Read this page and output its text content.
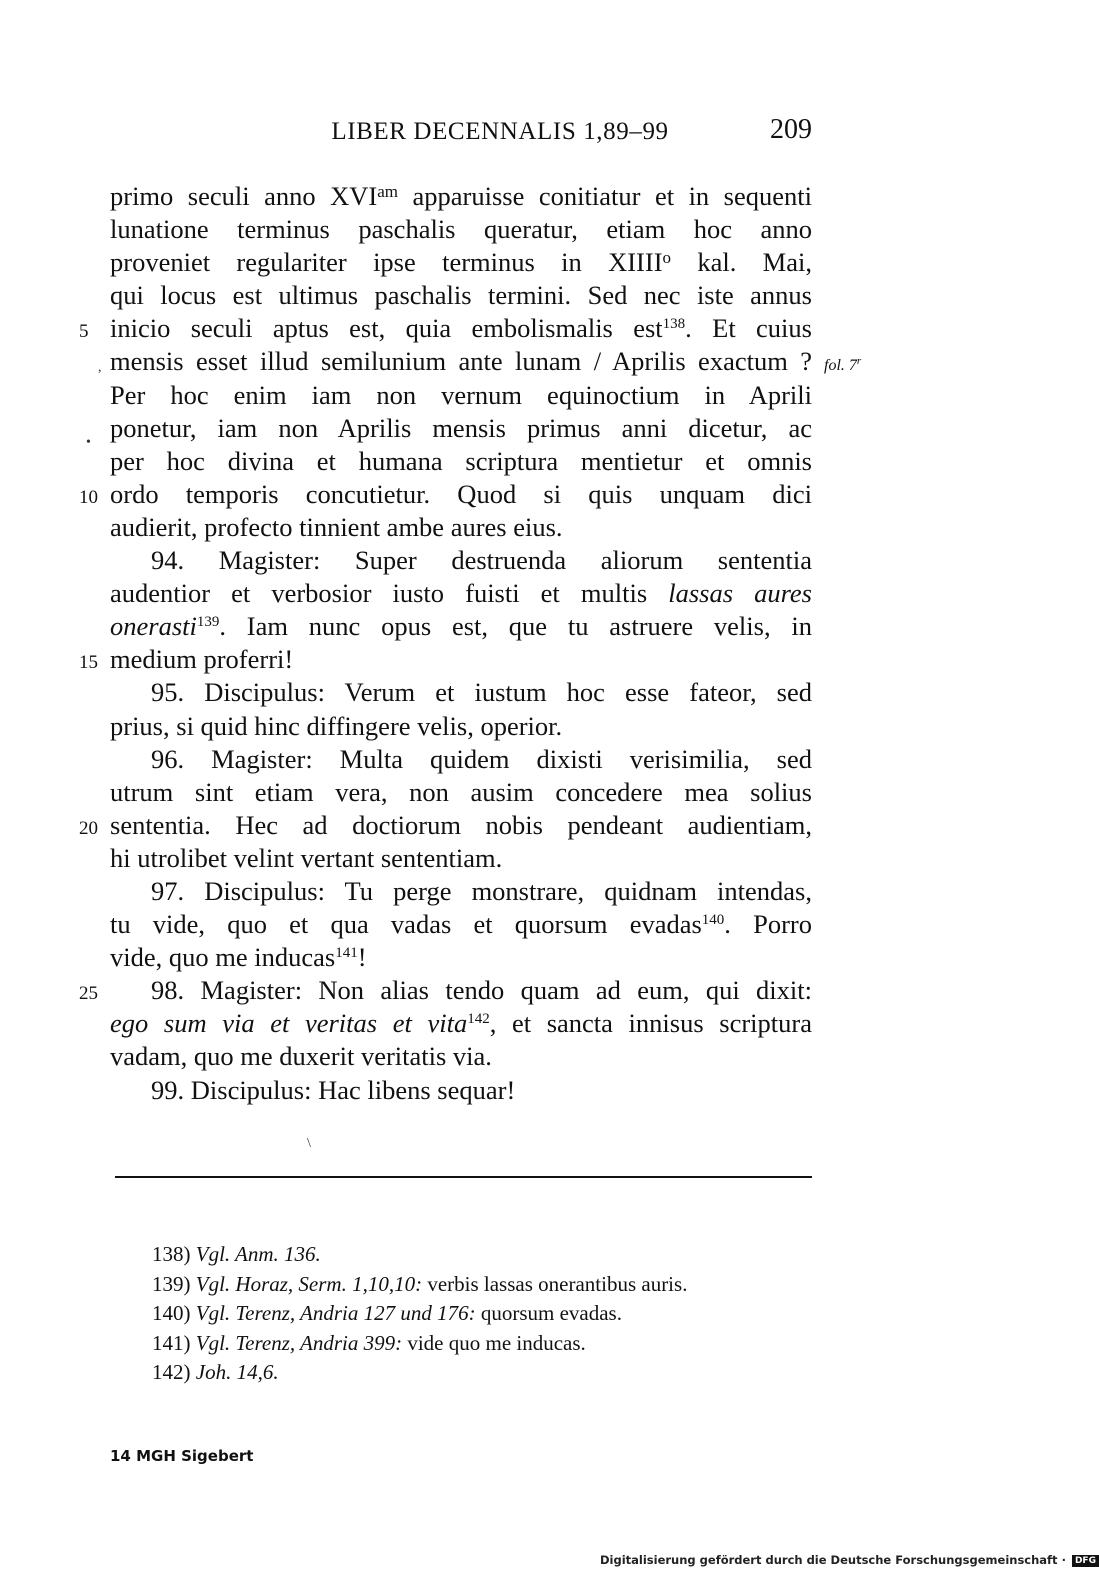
LIBER DECENNALIS 1,89–99	209
primo seculi anno $XVI^{am}$ apparuisse conitiatur et in sequenti
lunatione terminus paschalis queratur, etiam hoc anno
proveniet regulariter ipse terminus in XIIII$^o$ kal. Mai,
qui locus est ultimus paschalis termini. Sed nec iste annus
5 inicio seculi aptus est, quia embolismalis est$^{138}$. Et cuius
, mensis esset illud semilunium ante lunam / Aprilis exactum ? fol. 7$^r$
Per hoc enim iam non vernum equinoctium in Aprili
• ponetur, iam non Aprilis mensis primus anni dicetur, ac
per hoc divina et humana scriptura mentietur et omnis
10 ordo temporis concutietur. Quod si quis unquam dici
audierit, profecto tinnient ambe aures eius.
94. Magister: Super destruenda aliorum sententia
audentior et verbosior iusto fuisti et multis lassas aures
onerasti$^{139}$. Iam nunc opus est, que tu astruere velis, in
15 medium proferri!
95. Discipulus: Verum et iustum hoc esse fateor, sed
prius, si quid hinc diffingere velis, operior.
96. Magister: Multa quidem dixisti verisimilia, sed
utrum sint etiam vera, non ausim concedere mea solius
20 sententia. Hec ad doctiorum nobis pendeant audientiam,
hi utrolibet velint vertant sententiam.
97. Discipulus: Tu perge monstrare, quidnam intendas,
tu vide, quo et qua vadas et quorsum evadas$^{140}$. Porro
vide, quo me inducas$^{141}$!
25 98. Magister: Non alias tendo quam ad eum, qui dixit:
ego sum via et veritas et vita$^{142}$, et sancta innisus scriptura
vadam, quo me duxerit veritatis via.
99. Discipulus: Hac libens sequar!
\
138) Vgl. Anm. 136.
139) Vgl. Horaz, Serm. 1,10,10: verbis lassas onerantibus auris.
140) Vgl. Terenz, Andria 127 und 176: quorsum evadas.
141) Vgl. Terenz, Andria 399: vide quo me inducas.
142) Joh. 14,6.
14 MGH Sigebert
Digitalisierung gefördert durch die Deutsche Forschungsgemeinschaft · DFG
